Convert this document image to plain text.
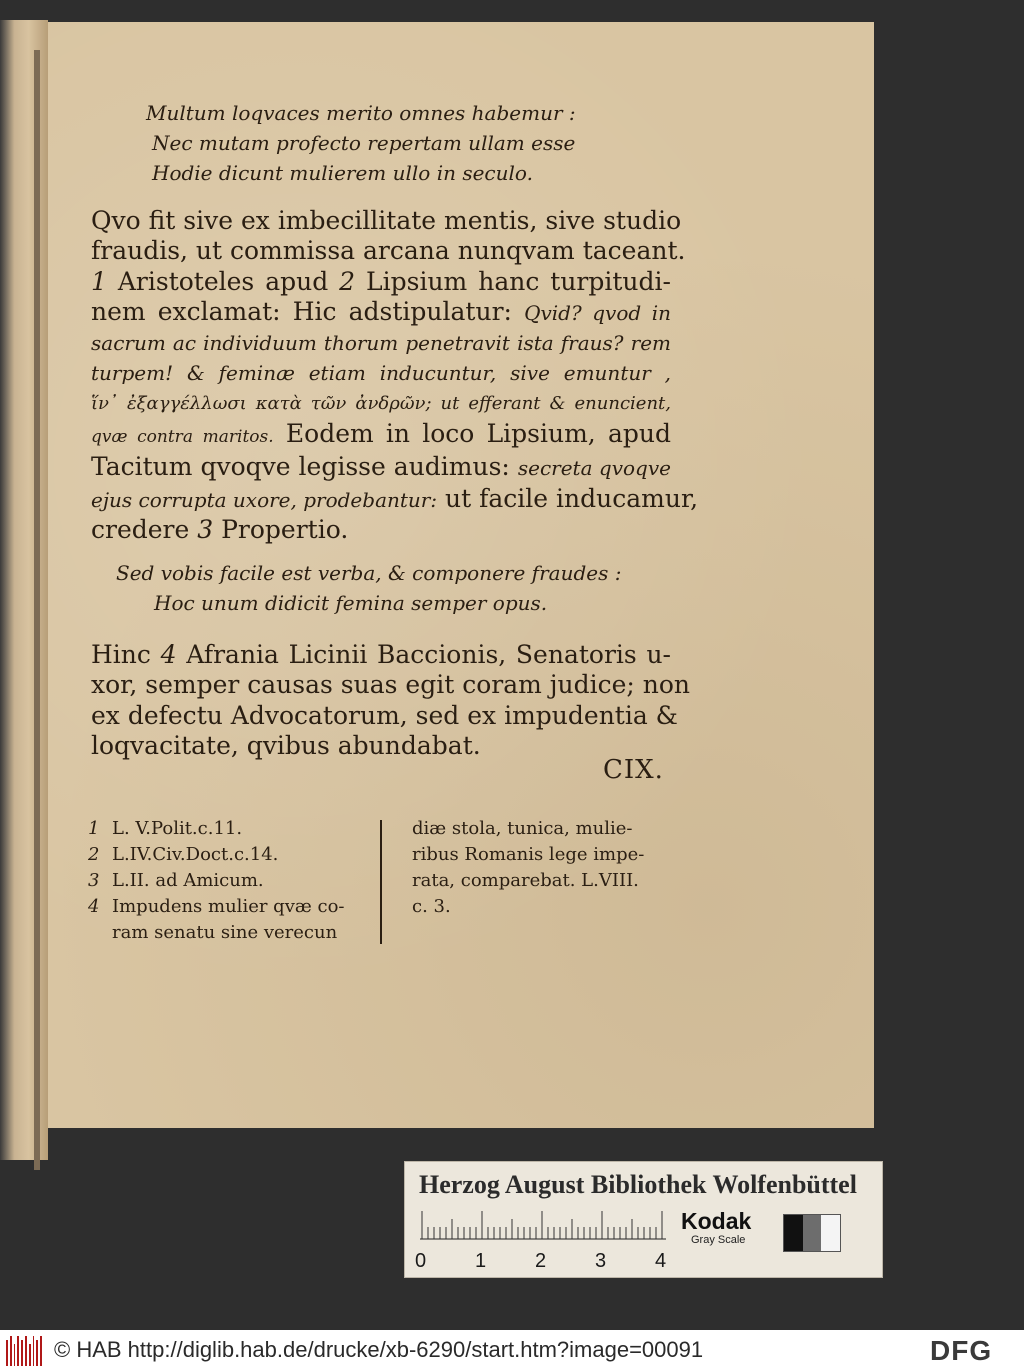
Multum loqvaces merito omnes habemur :
Nec mutam profecto repertam ullam esse
Hodie dicunt mulierem ullo in seculo.
Qvo fit sive ex imbecillitate mentis, sive studio
fraudis, ut commissa arcana nunqvam taceant.
1 Aristoteles apud 2 Lipsium hanc turpitudi-
nem exclamat: Hic adstipulatur: Qvid? qvod in
sacrum ac individuum thorum penetravit ista fraus? rem
turpem! & feminæ etiam inducuntur, sive emuntur ,
ἵν᾽ ἐξαγγέλλωσι κατὰ τῶν ἀνδρῶν; ut efferant & enuncient,
qvæ contra maritos. Eodem in loco Lipsium, apud
Tacitum qvoqve legisse audimus: secreta qvoqve
ejus corrupta uxore, prodebantur: ut facile inducamur,
credere 3 Propertio.
Sed vobis facile est verba, & componere fraudes :
Hoc unum didicit femina semper opus.
Hinc 4 Afrania Licinii Baccionis, Senatoris u-
xor, semper causas suas egit coram judice; non
ex defectu Advocatorum, sed ex impudentia &
loqvacitate, qvibus abundabat.
CIX.
1 L. V.Polit.c.11.
2 L.IV.Civ.Doct.c.14.
3 L.II. ad Amicum.
4 Impudens mulier qvæ co-
ram senatu sine verecun
diæ stola, tunica, mulie-
ribus Romanis lege impe-
rata, comparebat. L.VIII.
c. 3.
Herzog August Bibliothek Wolfenbüttel
0 1 2 3 4
Kodak
Gray Scale
© HAB http://diglib.hab.de/drucke/xb-6290/start.htm?image=00091	DFG
